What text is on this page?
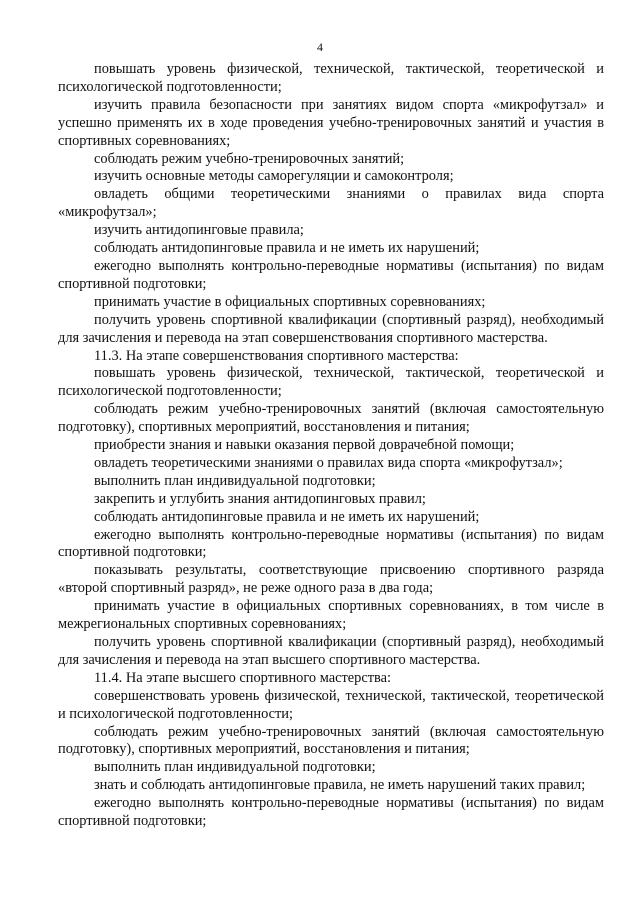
4

повышать уровень физической, технической, тактической, теоретической и психологической подготовленности;

изучить правила безопасности при занятиях видом спорта «микрофутзал» и успешно применять их в ходе проведения учебно-тренировочных занятий и участия в спортивных соревнованиях;

соблюдать режим учебно-тренировочных занятий;

изучить основные методы саморегуляции и самоконтроля;

овладеть общими теоретическими знаниями о правилах вида спорта «микрофутзал»;

изучить антидопинговые правила;

соблюдать антидопинговые правила и не иметь их нарушений;

ежегодно выполнять контрольно-переводные нормативы (испытания) по видам спортивной подготовки;

принимать участие в официальных спортивных соревнованиях;

получить уровень спортивной квалификации (спортивный разряд), необходимый для зачисления и перевода на этап совершенствования спортивного мастерства.

11.3. На этапе совершенствования спортивного мастерства:

повышать уровень физической, технической, тактической, теоретической и психологической подготовленности;

соблюдать режим учебно-тренировочных занятий (включая самостоятельную подготовку), спортивных мероприятий, восстановления и питания;

приобрести знания и навыки оказания первой доврачебной помощи;

овладеть теоретическими знаниями о правилах вида спорта «микрофутзал»;

выполнить план индивидуальной подготовки;

закрепить и углубить знания антидопинговых правил;

соблюдать антидопинговые правила и не иметь их нарушений;

ежегодно выполнять контрольно-переводные нормативы (испытания) по видам спортивной подготовки;

показывать результаты, соответствующие присвоению спортивного разряда «второй спортивный разряд», не реже одного раза в два года;

принимать участие в официальных спортивных соревнованиях, в том числе в межрегиональных спортивных соревнованиях;

получить уровень спортивной квалификации (спортивный разряд), необходимый для зачисления и перевода на этап высшего спортивного мастерства.

11.4. На этапе высшего спортивного мастерства:

совершенствовать уровень физической, технической, тактической, теоретической и психологической подготовленности;

соблюдать режим учебно-тренировочных занятий (включая самостоятельную подготовку), спортивных мероприятий, восстановления и питания;

выполнить план индивидуальной подготовки;

знать и соблюдать антидопинговые правила, не иметь нарушений таких правил;

ежегодно выполнять контрольно-переводные нормативы (испытания) по видам спортивной подготовки;
